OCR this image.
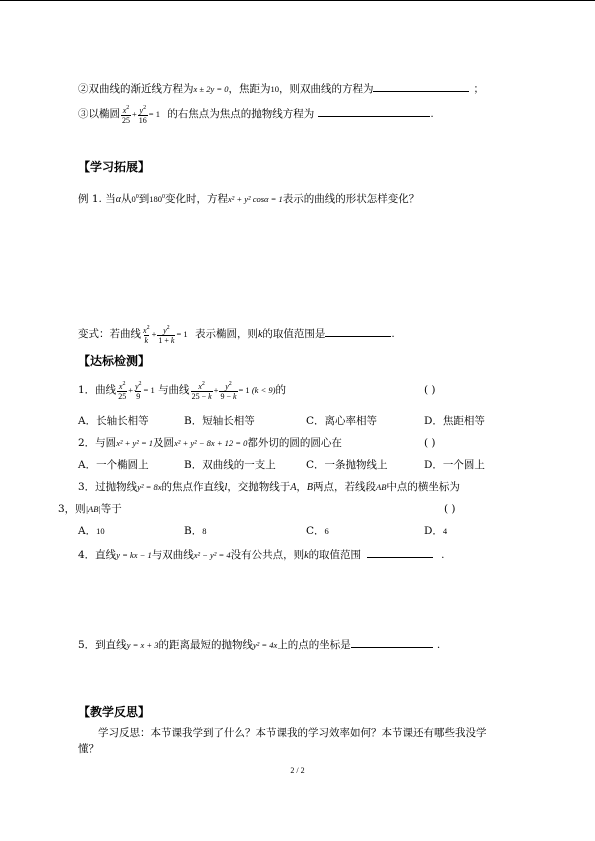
②双曲线的渐近线方程为x ± 2y = 0，焦距为10，则双曲线的方程为	；
③以椭圆 $\frac{x^2}{25} + \frac{y^2}{16} = 1$ 的右焦点为焦点的抛物线方程为	.
【学习拓展】
例 1. 当α从$0^0$到$180^0$变化时，方程x² + y² cosα = 1表示的曲线的形状怎样变化？
变式：若曲线 $\frac{x^2}{k} + \frac{y^2}{1 + k} = 1$ 表示椭圆，则k的取值范围是	.
【达标检测】
1．曲线 $\frac{x^2}{25} + \frac{y^2}{9} = 1$ 与曲线 $\frac{x^2}{25 - k} + \frac{y^2}{9 - k} = 1$ (k < 9)的	( )
A．长轴长相等	B．短轴长相等	C．离心率相等	D．焦距相等
2．与圆x² + y² = 1及圆x² + y² − 8x + 12 = 0都外切的圆的圆心在	( )
A．一个椭圆上	B．双曲线的一支上	C．一条抛物线上	D．一个圆上
3．过抛物线y² = 8x的焦点作直线l，交抛物线于A，B两点，若线段AB中点的横坐标为
3，则|AB|等于	( )
A．10	B．8	C．6	D．4
4．直线y = kx − 1与双曲线x² − y² = 4没有公共点，则k的取值范围	.
5．到直线y = x + 3的距离最短的抛物线y² = 4x上的点的坐标是	.
【教学反思】
学习反思：本节课我学到了什么？本节课我的学习效率如何？本节课还有哪些我没学
懂？
2 / 2
